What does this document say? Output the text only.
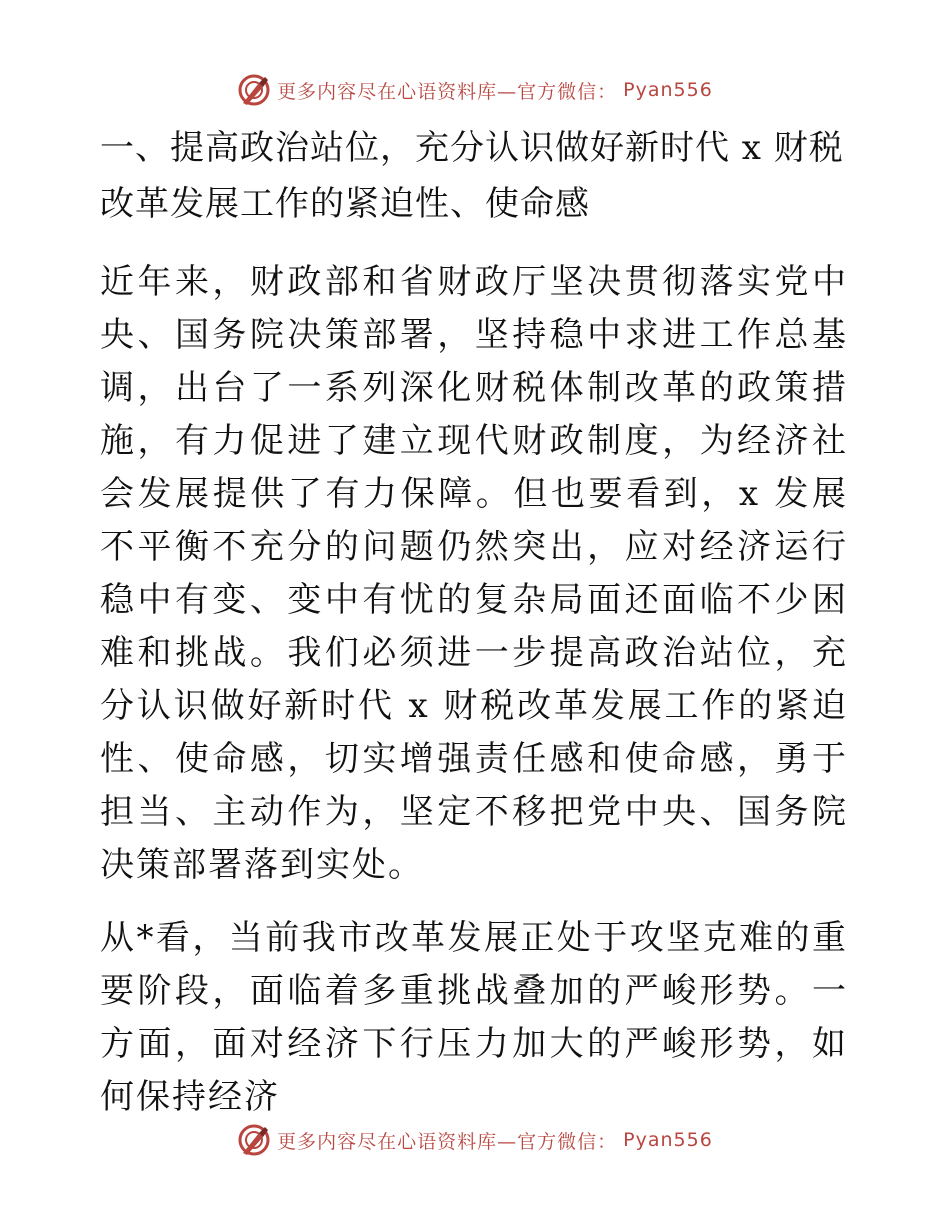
更多内容尽在心语资料库—官方微信： Pyan556
一、提高政治站位，充分认识做好新时代 x 财税改革发展工作的紧迫性、使命感

近年来，财政部和省财政厅坚决贯彻落实党中央、国务院决策部署，坚持稳中求进工作总基调，出台了一系列深化财税体制改革的政策措施，有力促进了建立现代财政制度，为经济社会发展提供了有力保障。但也要看到，x 发展不平衡不充分的问题仍然突出，应对经济运行稳中有变、变中有忧的复杂局面还面临不少困难和挑战。我们必须进一步提高政治站位，充分认识做好新时代 x 财税改革发展工作的紧迫性、使命感，切实增强责任感和使命感，勇于担当、主动作为，坚定不移把党中央、国务院决策部署落到实处。

从*看，当前我市改革发展正处于攻坚克难的重要阶段，面临着多重挑战叠加的严峻形势。一方面，面对经济下行压力加大的严峻形势，如何保持经济

更多内容尽在心语资料库—官方微信： Pyan556
